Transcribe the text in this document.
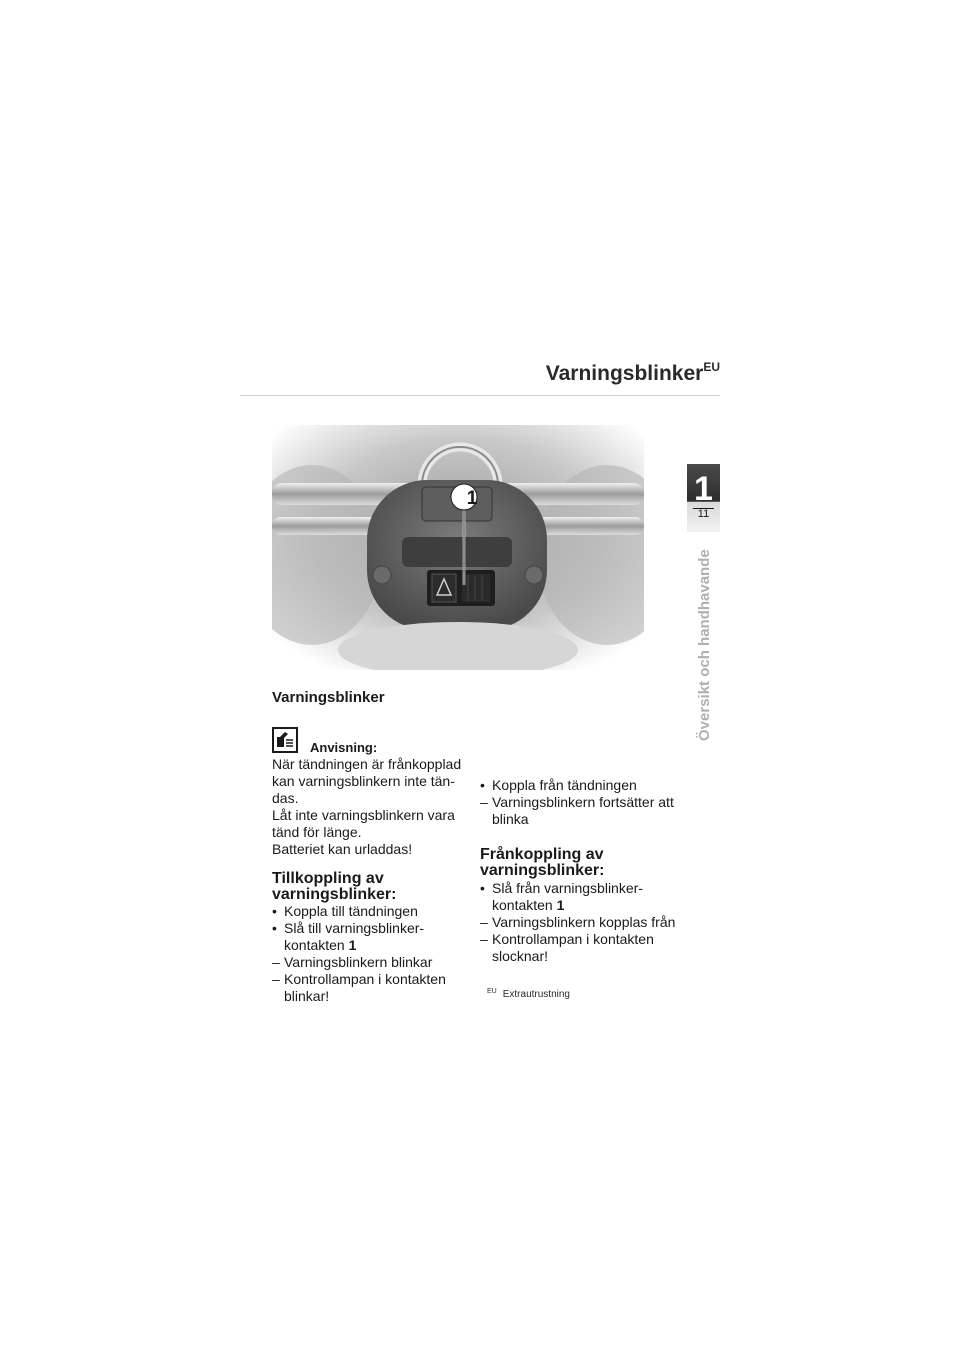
Varningsblinker$^{EU}$
1	1
11
Översikt och handhavande
Varningsblinker
Anvisning:
När tändningen är frånkopplad
kan varningsblinkern inte tän-
das.
Låt inte varningsblinkern vara
tänd för länge.
Batteriet kan urladdas!
Tillkoppling av
varningsblinker:
• Koppla till tändningen
• Slå till varningsblinker-
kontakten 1
– Varningsblinkern blinkar
– Kontrollampan i kontakten
blinkar!
• Koppla från tändningen
– Varningsblinkern fortsätter att
blinka
Frånkoppling av
varningsblinker:
• Slå från varningsblinker-
kontakten 1
– Varningsblinkern kopplas från
– Kontrollampan i kontakten
slocknar!
$^{EU}$ Extrautrustning
